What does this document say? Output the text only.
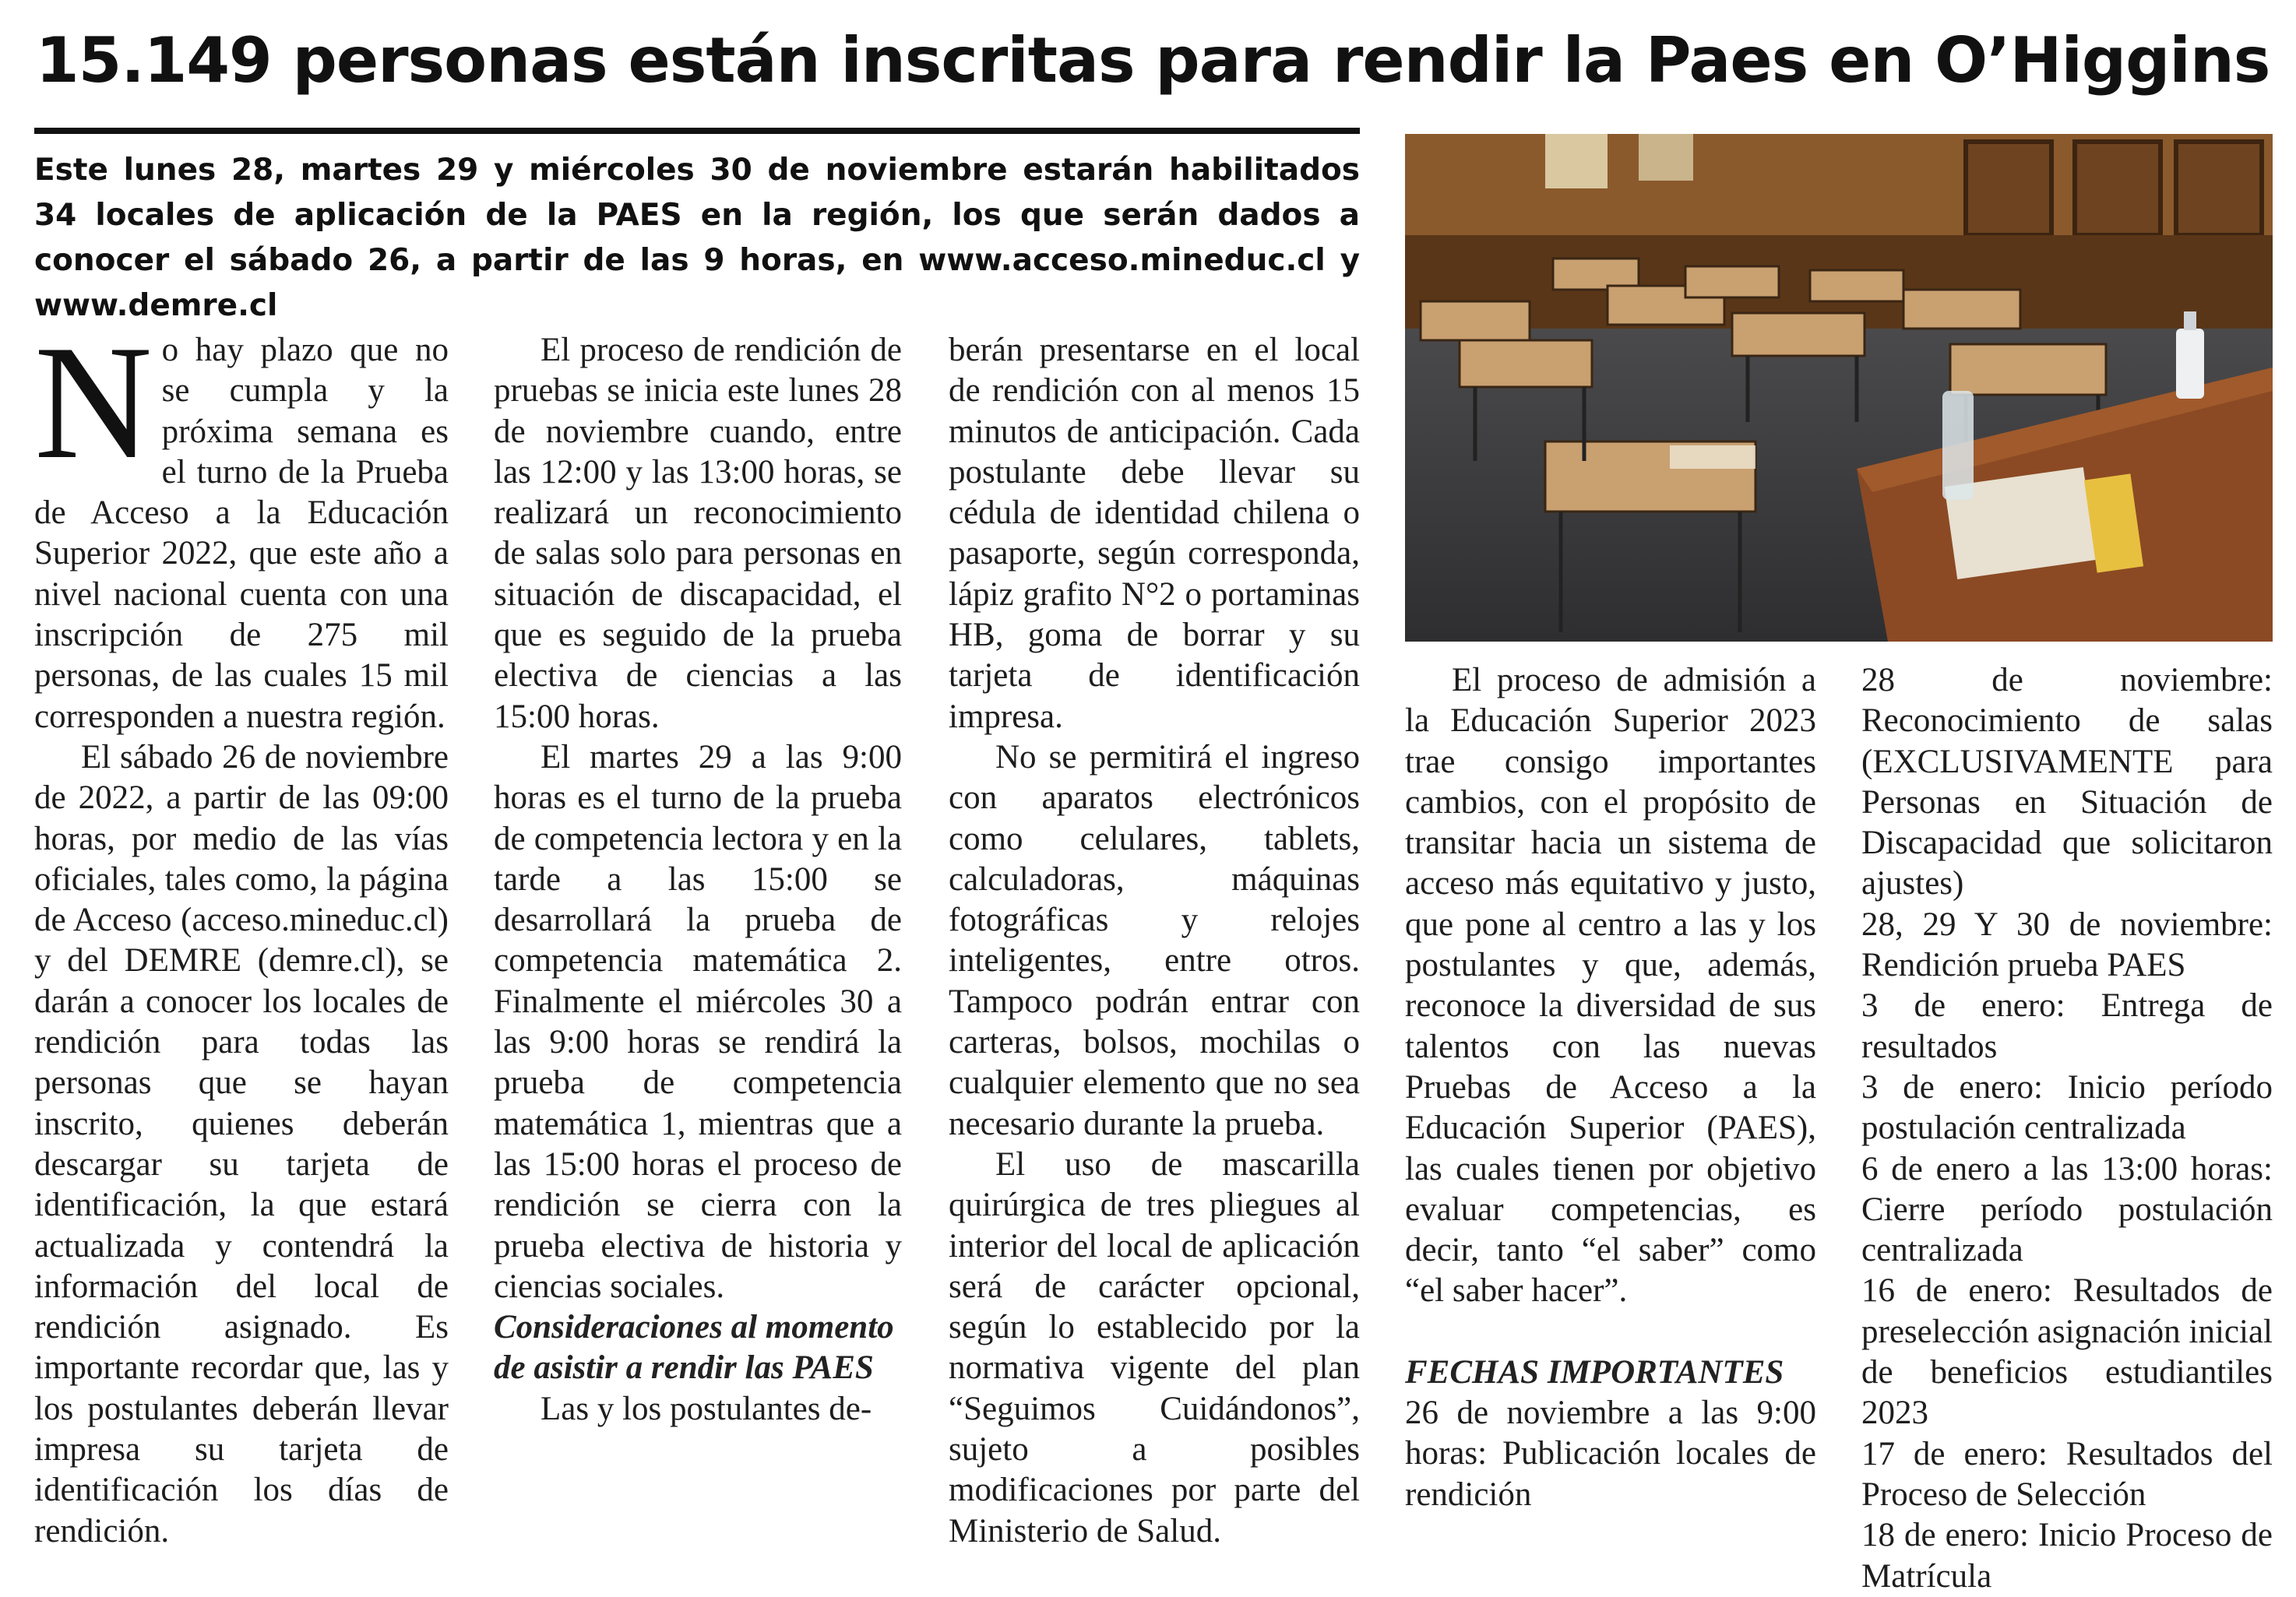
15.149 personas están inscritas para rendir la Paes en O’Higgins
Este lunes 28, martes 29 y miércoles 30 de noviembre estarán habilitados 34 locales de aplicación de la PAES en la región, los que serán dados a conocer el sábado 26, a partir de las 9 horas, en www.acceso.mineduc.cl y www.demre.cl
N o hay plazo que no se cumpla y la próxima semana es el turno de la Prueba de Acceso a la Educación Superior 2022, que este año a nivel nacional cuenta con una inscripción de 275 mil personas, de las cuales 15 mil corresponden a nuestra región.

El sábado 26 de noviembre de 2022, a partir de las 09:00 horas, por medio de las vías oficiales, tales como, la página de Acceso (acceso.mineduc.cl) y del DEMRE (demre.cl), se darán a conocer los locales de rendición para todas las personas que se hayan inscrito, quienes deberán descargar su tarjeta de identificación, la que estará actualizada y contendrá la información del local de rendición asignado. Es importante recordar que, las y los postulantes deberán llevar impresa su tarjeta de identificación los días de rendición.

El proceso de rendición de pruebas se inicia este lunes 28 de noviembre cuando, entre las 12:00 y las 13:00 horas, se realizará un reconocimiento de salas solo para personas en situación de discapacidad, el que es seguido de la prueba electiva de ciencias a las 15:00 horas.

El martes 29 a las 9:00 horas es el turno de la prueba de competencia lectora y en la tarde a las 15:00 se desarrollará la prueba de competencia matemática 2. Finalmente el miércoles 30 a las 9:00 horas se rendirá la prueba de competencia matemática 1, mientras que a las 15:00 horas el proceso de rendición se cierra con la prueba electiva de historia y ciencias sociales.

Consideraciones al momento de asistir a rendir las PAES

Las y los postulantes de-

berán presentarse en el local de rendición con al menos 15 minutos de anticipación. Cada postulante debe llevar su cédula de identidad chilena o pasaporte, según corresponda, lápiz grafito N°2 o portaminas HB, goma de borrar y su tarjeta de identificación impresa.

No se permitirá el ingreso con aparatos electrónicos como celulares, tablets, calculadoras, máquinas fotográficas y relojes inteligentes, entre otros. Tampoco podrán entrar con carteras, bolsos, mochilas o cualquier elemento que no sea necesario durante la prueba.

El uso de mascarilla quirúrgica de tres pliegues al interior del local de aplicación será de carácter opcional, según lo establecido por la normativa vigente del plan “Seguimos Cuidándonos”, sujeto a posibles modificaciones por parte del Ministerio de Salud.

El proceso de admisión a la Educación Superior 2023 trae consigo importantes cambios, con el propósito de transitar hacia un sistema de acceso más equitativo y justo, que pone al centro a las y los postulantes y que, además, reconoce la diversidad de sus talentos con las nuevas Pruebas de Acceso a la Educación Superior (PAES), las cuales tienen por objetivo evaluar competencias, es decir, tanto “el saber” como “el saber hacer”.

FECHAS IMPORTANTES

26 de noviembre a las 9:00 horas: Publicación locales de rendición

28 de noviembre: Reconocimiento de salas (EXCLUSIVAMENTE para Personas en Situación de Discapacidad que solicitaron ajustes)

28, 29 Y 30 de noviembre: Rendición prueba PAES

3 de enero: Entrega de resultados

3 de enero: Inicio período postulación centralizada

6 de enero a las 13:00 horas: Cierre período postulación centralizada

16 de enero: Resultados de preselección asignación inicial de beneficios estudiantiles 2023

17 de enero: Resultados del Proceso de Selección

18 de enero: Inicio Proceso de Matrícula
